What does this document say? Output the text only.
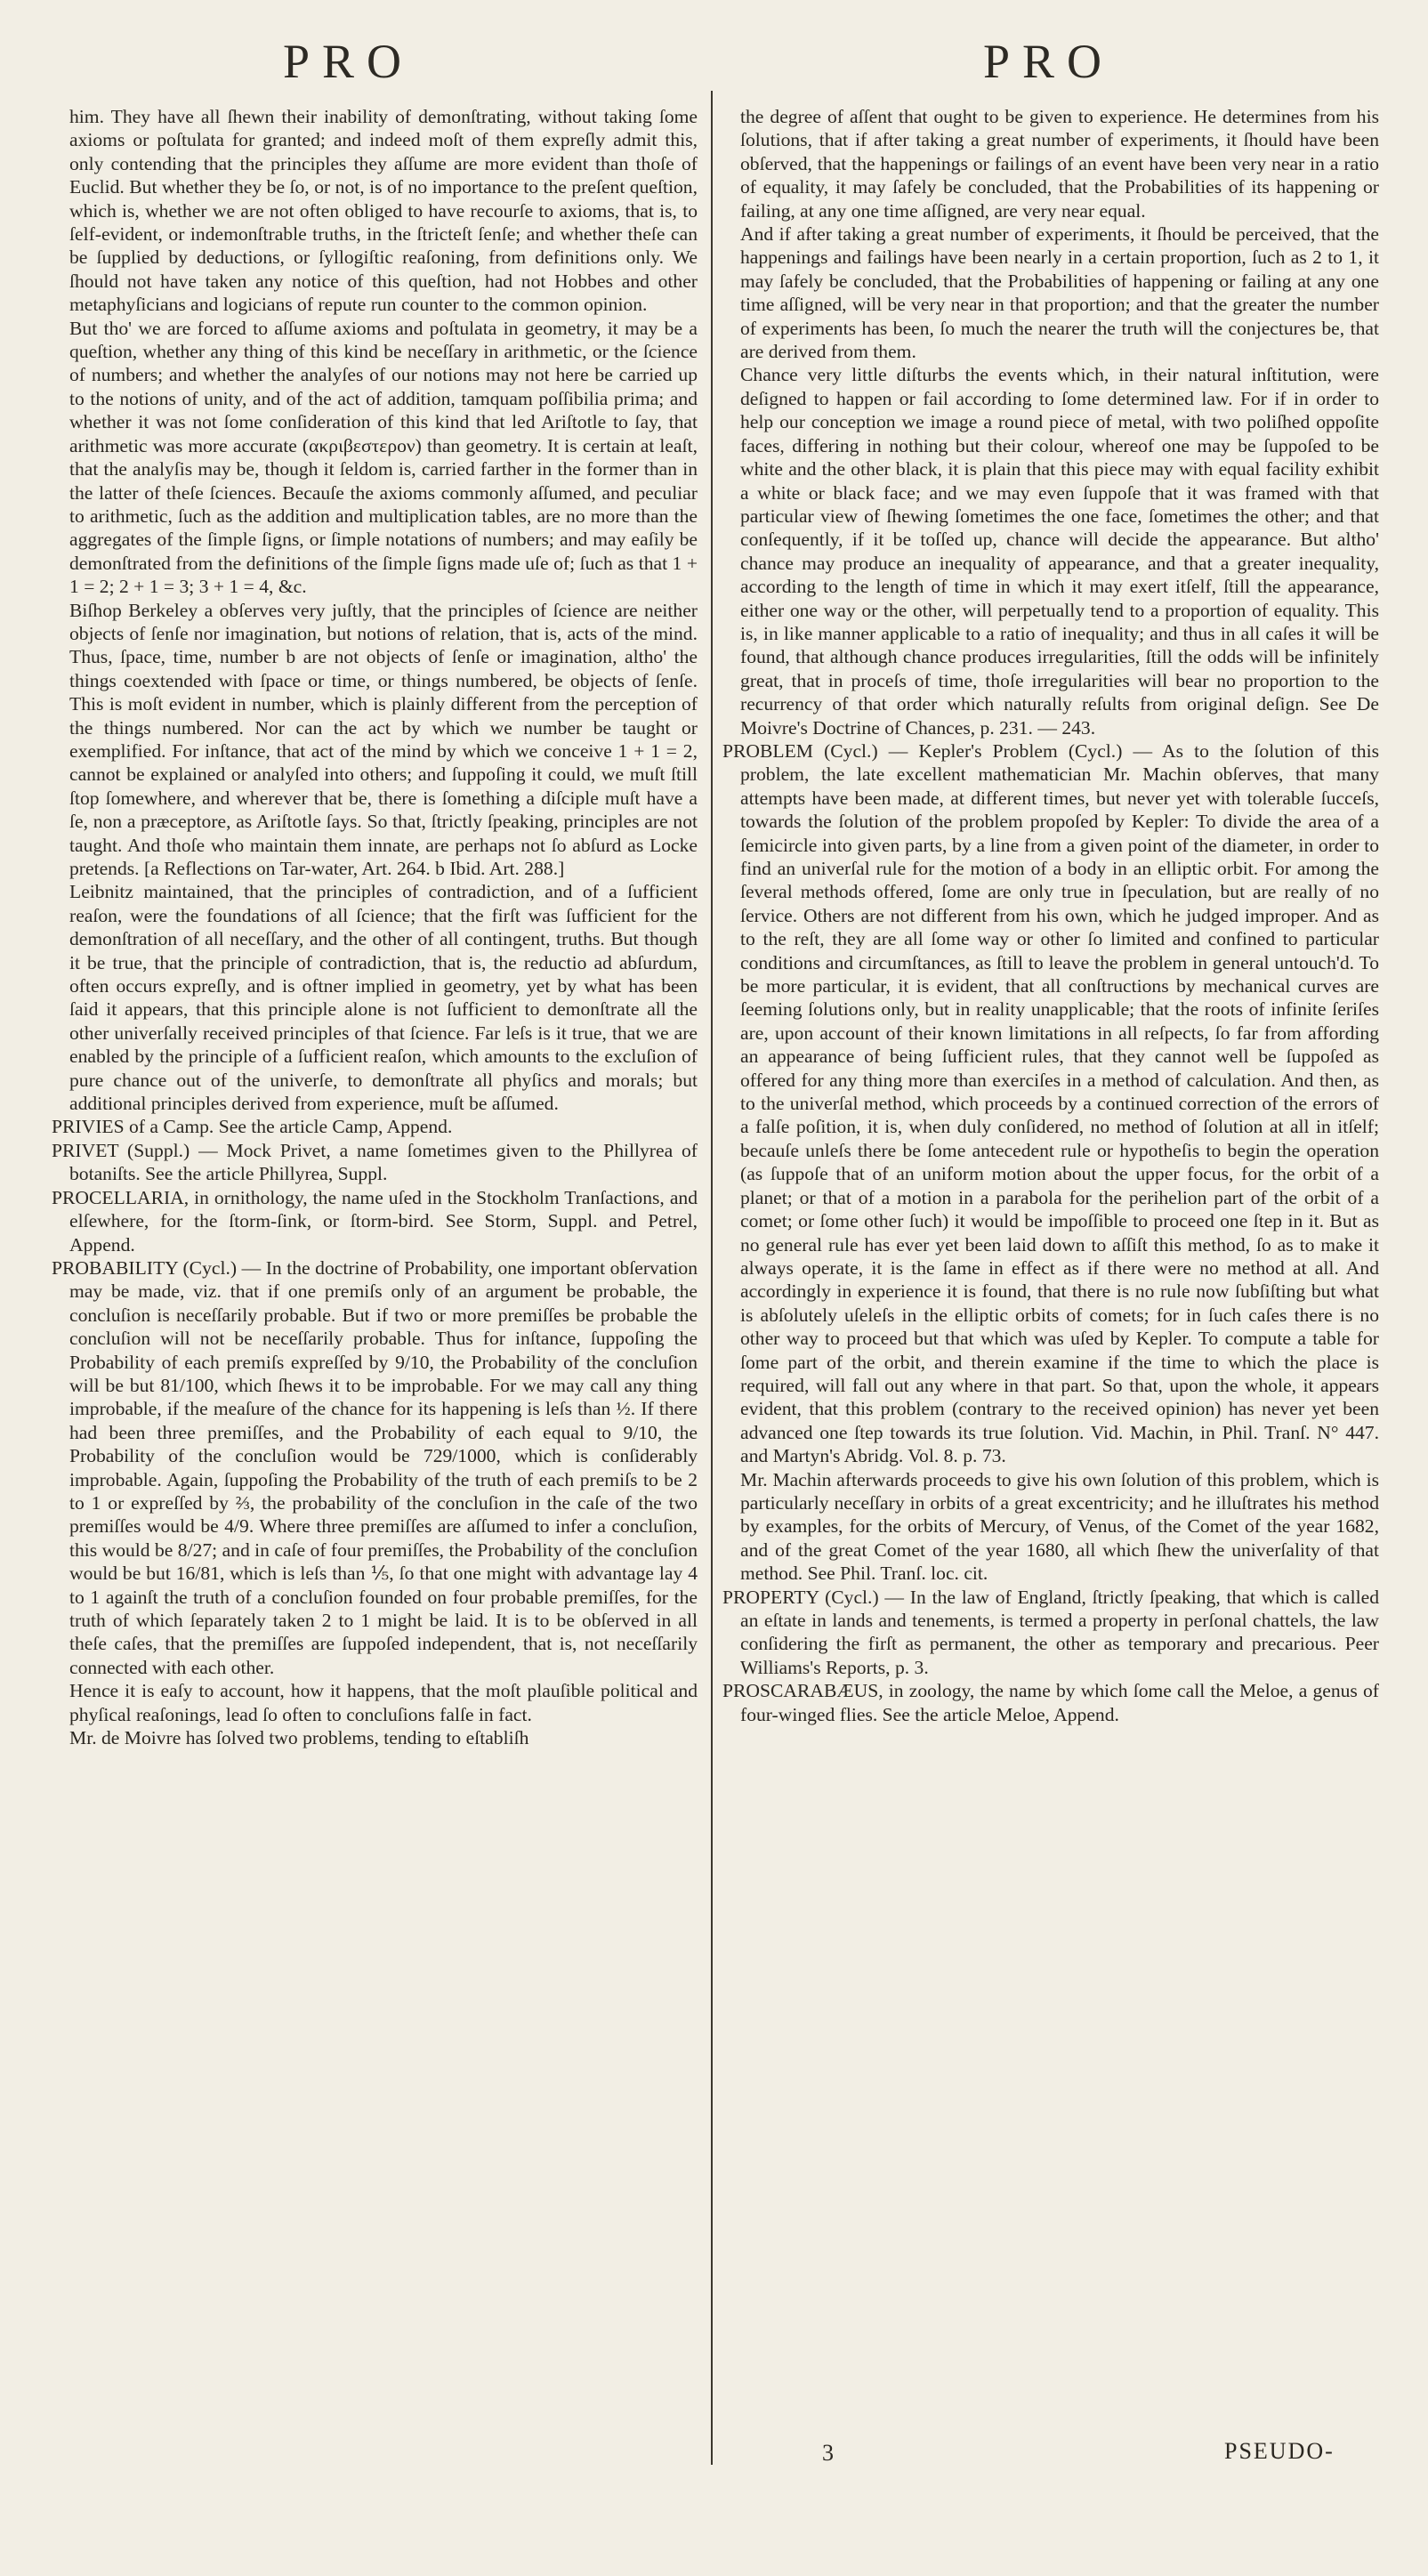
PRO	PRO

him. They have all ſhewn their inability of demonſtrating, without taking ſome axioms or poſtulata for granted; and indeed moſt of them expreſly admit this, only contending that the principles they aſſume are more evident than thoſe of Euclid. But whether they be ſo, or not, is of no importance to the preſent queſtion, which is, whether we are not often obliged to have recourſe to axioms, that is, to ſelf-evident, or indemonſtrable truths, in the ſtricteſt ſenſe; and whether theſe can be ſupplied by deductions, or ſyllogiſtic reaſoning, from definitions only. We ſhould not have taken any notice of this queſtion, had not Hobbes and other metaphyſicians and logicians of repute run counter to the common opinion.

But tho' we are forced to aſſume axioms and poſtulata in geometry, it may be a queſtion, whether any thing of this kind be neceſſary in arithmetic, or the ſcience of numbers; and whether the analyſes of our notions may not here be carried up to the notions of unity, and of the act of addition, tamquam poſſibilia prima; and whether it was not ſome conſideration of this kind that led Ariſtotle to ſay, that arithmetic was more accurate (ακριβεστερον) than geometry. It is certain at leaſt, that the analyſis may be, though it ſeldom is, carried farther in the former than in the latter of theſe ſciences. Becauſe the axioms commonly aſſumed, and peculiar to arithmetic, ſuch as the addition and multiplication tables, are no more than the aggregates of the ſimple ſigns, or ſimple notations of numbers; and may eaſily be demonſtrated from the definitions of the ſimple ſigns made uſe of; ſuch as that 1 + 1 = 2; 2 + 1 = 3; 3 + 1 = 4, &c.

Biſhop Berkeley a obſerves very juſtly, that the principles of ſcience are neither objects of ſenſe nor imagination, but notions of relation, that is, acts of the mind. Thus, ſpace, time, number b are not objects of ſenſe or imagination, altho' the things coextended with ſpace or time, or things numbered, be objects of ſenſe. This is moſt evident in number, which is plainly different from the perception of the things numbered. Nor can the act by which we number be taught or exemplified. For inſtance, that act of the mind by which we conceive 1 + 1 = 2, cannot be explained or analyſed into others; and ſuppoſing it could, we muſt ſtill ſtop ſomewhere, and wherever that be, there is ſomething a diſciple muſt have a ſe, non a præceptore, as Ariſtotle ſays. So that, ſtrictly ſpeaking, principles are not taught. And thoſe who maintain them innate, are perhaps not ſo abſurd as Locke pretends. [a Reflections on Tar-water, Art. 264. b Ibid. Art. 288.]

Leibnitz maintained, that the principles of contradiction, and of a ſufficient reaſon, were the foundations of all ſcience; that the firſt was ſufficient for the demonſtration of all neceſſary, and the other of all contingent, truths. But though it be true, that the principle of contradiction, that is, the reductio ad abſurdum, often occurs expreſly, and is oftner implied in geometry, yet by what has been ſaid it appears, that this principle alone is not ſufficient to demonſtrate all the other univerſally received principles of that ſcience. Far leſs is it true, that we are enabled by the principle of a ſufficient reaſon, which amounts to the excluſion of pure chance out of the univerſe, to demonſtrate all phyſics and morals; but additional principles derived from experience, muſt be aſſumed.

PRIVIES of a Camp. See the article Camp, Append.

PRIVET (Suppl.) — Mock Privet, a name ſometimes given to the Phillyrea of botaniſts. See the article Phillyrea, Suppl.

PROCELLARIA, in ornithology, the name uſed in the Stockholm Tranſactions, and elſewhere, for the ſtorm-ſink, or ſtorm-bird. See Storm, Suppl. and Petrel, Append.

PROBABILITY (Cycl.) — In the doctrine of Probability, one important obſervation may be made, viz. that if one premiſs only of an argument be probable, the concluſion is neceſſarily probable. But if two or more premiſſes be probable the concluſion will not be neceſſarily probable. Thus for inſtance, ſuppoſing the Probability of each premiſs expreſſed by 9/10, the Probability of the concluſion will be but 81/100, which ſhews it to be improbable. For we may call any thing improbable, if the meaſure of the chance for its happening is leſs than ½. If there had been three premiſſes, and the Probability of each equal to 9/10, the Probability of the concluſion would be 729/1000, which is conſiderably improbable. Again, ſuppoſing the Probability of the truth of each premiſs to be 2 to 1 or expreſſed by ⅔, the probability of the concluſion in the caſe of the two premiſſes would be 4/9. Where three premiſſes are aſſumed to infer a concluſion, this would be 8/27; and in caſe of four premiſſes, the Probability of the concluſion would be but 16/81, which is leſs than ⅕, ſo that one might with advantage lay 4 to 1 againſt the truth of a concluſion founded on four probable premiſſes, for the truth of which ſeparately taken 2 to 1 might be laid. It is to be obſerved in all theſe caſes, that the premiſſes are ſuppoſed independent, that is, not neceſſarily connected with each other.

Hence it is eaſy to account, how it happens, that the moſt plauſible political and phyſical reaſonings, lead ſo often to concluſions falſe in fact.

Mr. de Moivre has ſolved two problems, tending to eſtabliſh

the degree of aſſent that ought to be given to experience. He determines from his ſolutions, that if after taking a great number of experiments, it ſhould have been obſerved, that the happenings or failings of an event have been very near in a ratio of equality, it may ſafely be concluded, that the Probabilities of its happening or failing, at any one time aſſigned, are very near equal.

And if after taking a great number of experiments, it ſhould be perceived, that the happenings and failings have been nearly in a certain proportion, ſuch as 2 to 1, it may ſafely be concluded, that the Probabilities of happening or failing at any one time aſſigned, will be very near in that proportion; and that the greater the number of experiments has been, ſo much the nearer the truth will the conjectures be, that are derived from them.

Chance very little diſturbs the events which, in their natural inſtitution, were deſigned to happen or fail according to ſome determined law. For if in order to help our conception we image a round piece of metal, with two poliſhed oppoſite faces, differing in nothing but their colour, whereof one may be ſuppoſed to be white and the other black, it is plain that this piece may with equal facility exhibit a white or black face; and we may even ſuppoſe that it was framed with that particular view of ſhewing ſometimes the one face, ſometimes the other; and that conſequently, if it be toſſed up, chance will decide the appearance. But altho' chance may produce an inequality of appearance, and that a greater inequality, according to the length of time in which it may exert itſelf, ſtill the appearance, either one way or the other, will perpetually tend to a proportion of equality. This is, in like manner applicable to a ratio of inequality; and thus in all caſes it will be found, that although chance produces irregularities, ſtill the odds will be infinitely great, that in proceſs of time, thoſe irregularities will bear no proportion to the recurrency of that order which naturally reſults from original deſign. See De Moivre's Doctrine of Chances, p. 231. — 243.

PROBLEM (Cycl.) — Kepler's Problem (Cycl.) — As to the ſolution of this problem, the late excellent mathematician Mr. Machin obſerves, that many attempts have been made, at different times, but never yet with tolerable ſucceſs, towards the ſolution of the problem propoſed by Kepler: To divide the area of a ſemicircle into given parts, by a line from a given point of the diameter, in order to find an univerſal rule for the motion of a body in an elliptic orbit. For among the ſeveral methods offered, ſome are only true in ſpeculation, but are really of no ſervice. Others are not different from his own, which he judged improper. And as to the reſt, they are all ſome way or other ſo limited and confined to particular conditions and circumſtances, as ſtill to leave the problem in general untouch'd. To be more particular, it is evident, that all conſtructions by mechanical curves are ſeeming ſolutions only, but in reality unapplicable; that the roots of infinite ſeriſes are, upon account of their known limitations in all reſpects, ſo far from affording an appearance of being ſufficient rules, that they cannot well be ſuppoſed as offered for any thing more than exerciſes in a method of calculation. And then, as to the univerſal method, which proceeds by a continued correction of the errors of a falſe poſition, it is, when duly conſidered, no method of ſolution at all in itſelf; becauſe unleſs there be ſome antecedent rule or hypotheſis to begin the operation (as ſuppoſe that of an uniform motion about the upper focus, for the orbit of a planet; or that of a motion in a parabola for the perihelion part of the orbit of a comet; or ſome other ſuch) it would be impoſſible to proceed one ſtep in it. But as no general rule has ever yet been laid down to aſſiſt this method, ſo as to make it always operate, it is the ſame in effect as if there were no method at all. And accordingly in experience it is found, that there is no rule now ſubſiſting but what is abſolutely uſeleſs in the elliptic orbits of comets; for in ſuch caſes there is no other way to proceed but that which was uſed by Kepler. To compute a table for ſome part of the orbit, and therein examine if the time to which the place is required, will fall out any where in that part. So that, upon the whole, it appears evident, that this problem (contrary to the received opinion) has never yet been advanced one ſtep towards its true ſolution. Vid. Machin, in Phil. Tranſ. N° 447. and Martyn's Abridg. Vol. 8. p. 73.

Mr. Machin afterwards proceeds to give his own ſolution of this problem, which is particularly neceſſary in orbits of a great excentricity; and he illuſtrates his method by examples, for the orbits of Mercury, of Venus, of the Comet of the year 1682, and of the great Comet of the year 1680, all which ſhew the univerſality of that method. See Phil. Tranſ. loc. cit.

PROPERTY (Cycl.) — In the law of England, ſtrictly ſpeaking, that which is called an eſtate in lands and tenements, is termed a property in perſonal chattels, the law conſidering the firſt as permanent, the other as temporary and precarious. Peer Williams's Reports, p. 3.

PROSCARABÆUS, in zoology, the name by which ſome call the Meloe, a genus of four-winged flies. See the article Meloe, Append.

3	PSEUDO-
